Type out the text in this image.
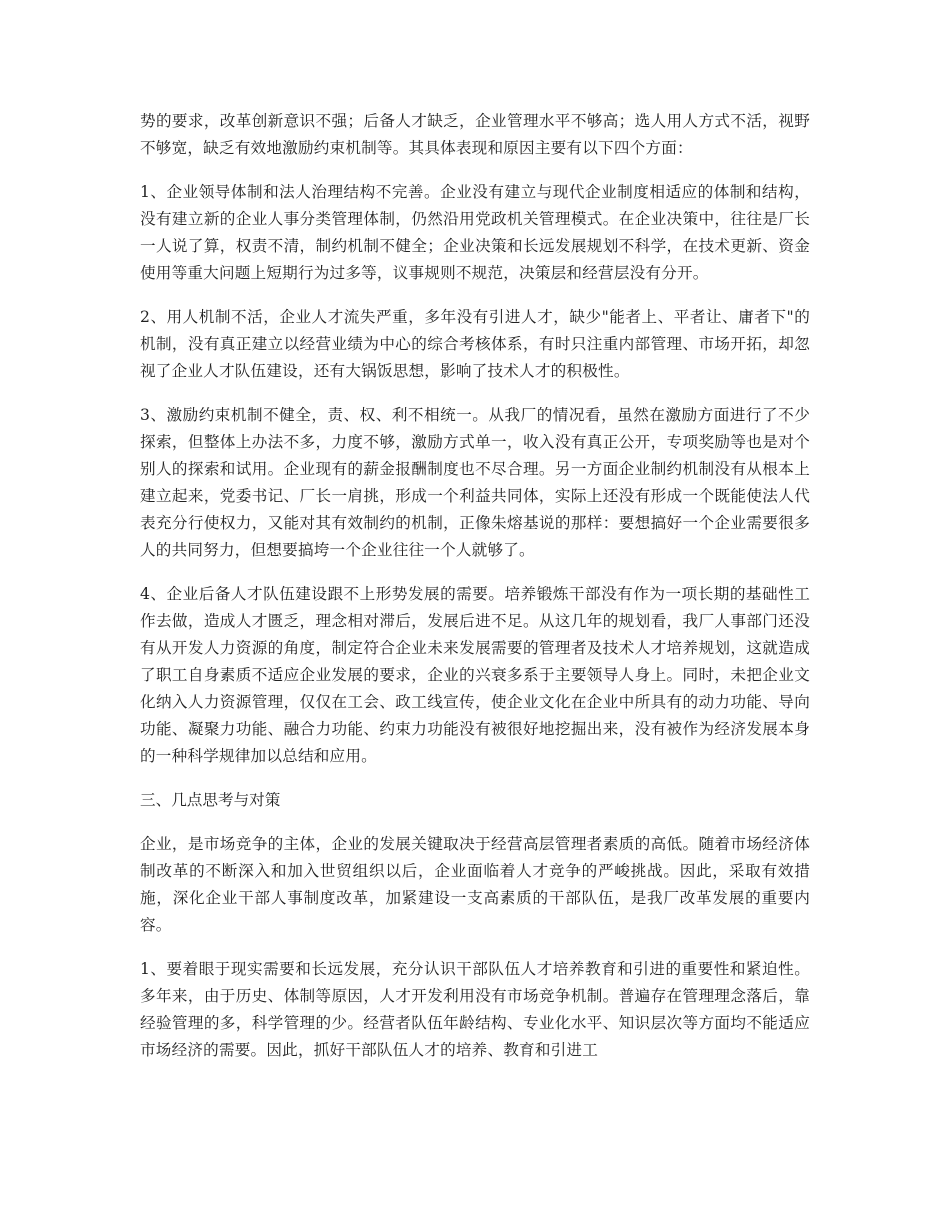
势的要求，改革创新意识不强；后备人才缺乏，企业管理水平不够高；选人用人方式不活，视野不够宽，缺乏有效地激励约束机制等。其具体表现和原因主要有以下四个方面：

1、企业领导体制和法人治理结构不完善。企业没有建立与现代企业制度相适应的体制和结构，没有建立新的企业人事分类管理体制，仍然沿用党政机关管理模式。在企业决策中，往往是厂长一人说了算，权责不清，制约机制不健全；企业决策和长远发展规划不科学，在技术更新、资金使用等重大问题上短期行为过多等，议事规则不规范，决策层和经营层没有分开。

2、用人机制不活，企业人才流失严重，多年没有引进人才，缺少"能者上、平者让、庸者下"的机制，没有真正建立以经营业绩为中心的综合考核体系，有时只注重内部管理、市场开拓，却忽视了企业人才队伍建设，还有大锅饭思想，影响了技术人才的积极性。

3、激励约束机制不健全，责、权、利不相统一。从我厂的情况看，虽然在激励方面进行了不少探索，但整体上办法不多，力度不够，激励方式单一，收入没有真正公开，专项奖励等也是对个别人的探索和试用。企业现有的薪金报酬制度也不尽合理。另一方面企业制约机制没有从根本上建立起来，党委书记、厂长一肩挑，形成一个利益共同体，实际上还没有形成一个既能使法人代表充分行使权力，又能对其有效制约的机制，正像朱熔基说的那样：要想搞好一个企业需要很多人的共同努力，但想要搞垮一个企业往往一个人就够了。

4、企业后备人才队伍建设跟不上形势发展的需要。培养锻炼干部没有作为一项长期的基础性工作去做，造成人才匮乏，理念相对滞后，发展后进不足。从这几年的规划看，我厂人事部门还没有从开发人力资源的角度，制定符合企业未来发展需要的管理者及技术人才培养规划，这就造成了职工自身素质不适应企业发展的要求，企业的兴衰多系于主要领导人身上。同时，未把企业文化纳入人力资源管理，仅仅在工会、政工线宣传，使企业文化在企业中所具有的动力功能、导向功能、凝聚力功能、融合力功能、约束力功能没有被很好地挖掘出来，没有被作为经济发展本身的一种科学规律加以总结和应用。

三、几点思考与对策

企业，是市场竞争的主体，企业的发展关键取决于经营高层管理者素质的高低。随着市场经济体制改革的不断深入和加入世贸组织以后，企业面临着人才竞争的严峻挑战。因此，采取有效措施，深化企业干部人事制度改革，加紧建设一支高素质的干部队伍，是我厂改革发展的重要内容。

1、要着眼于现实需要和长远发展，充分认识干部队伍人才培养教育和引进的重要性和紧迫性。多年来，由于历史、体制等原因，人才开发利用没有市场竞争机制。普遍存在管理理念落后，靠经验管理的多，科学管理的少。经营者队伍年龄结构、专业化水平、知识层次等方面均不能适应市场经济的需要。因此，抓好干部队伍人才的培养、教育和引进工
